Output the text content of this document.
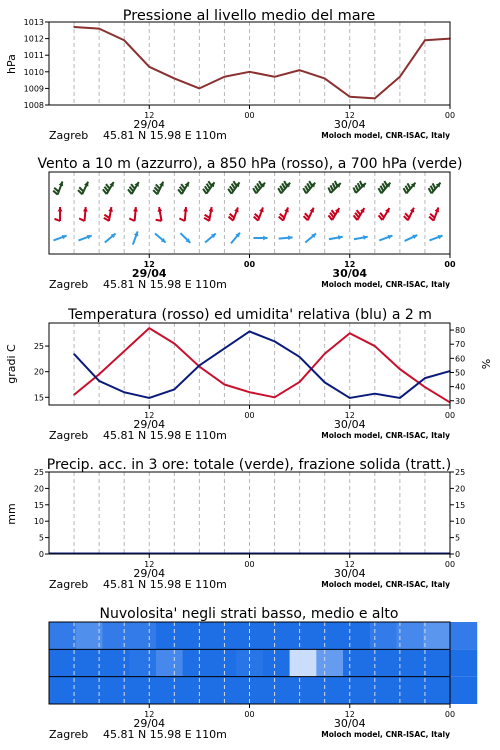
Pressione al livello medio del mare
hPa
1008
1009
1010
1011
1012
1013
12	00	12	00
29/04	30/04
Zagreb 45.81 N 15.98 E 110m	Moloch model, CNR-ISAC, Italy
Vento a 10 m (azzurro), a 850 hPa (rosso), a 700 hPa (verde)
12	00	12	00
29/04	30/04
Zagreb 45.81 N 15.98 E 110m	Moloch model, CNR-ISAC, Italy
Temperatura (rosso) ed umidita' relativa (blu) a 2 m
gradi C	%
15
20
25
30
40
50
60
70
80
12	00	12	00
29/04	30/04
Zagreb 45.81 N 15.98 E 110m	Moloch model, CNR-ISAC, Italy
Precip. acc. in 3 ore: totale (verde), frazione solida (tratt.)
mm
0
5
10
15
20
25
0
5
10
15
20
25
12	00	12	00
29/04	30/04
Zagreb 45.81 N 15.98 E 110m	Moloch model, CNR-ISAC, Italy
Nuvolosita' negli strati basso, medio e alto
12	00	12	00
29/04	30/04
Zagreb 45.81 N 15.98 E 110m	Moloch model, CNR-ISAC, Italy
